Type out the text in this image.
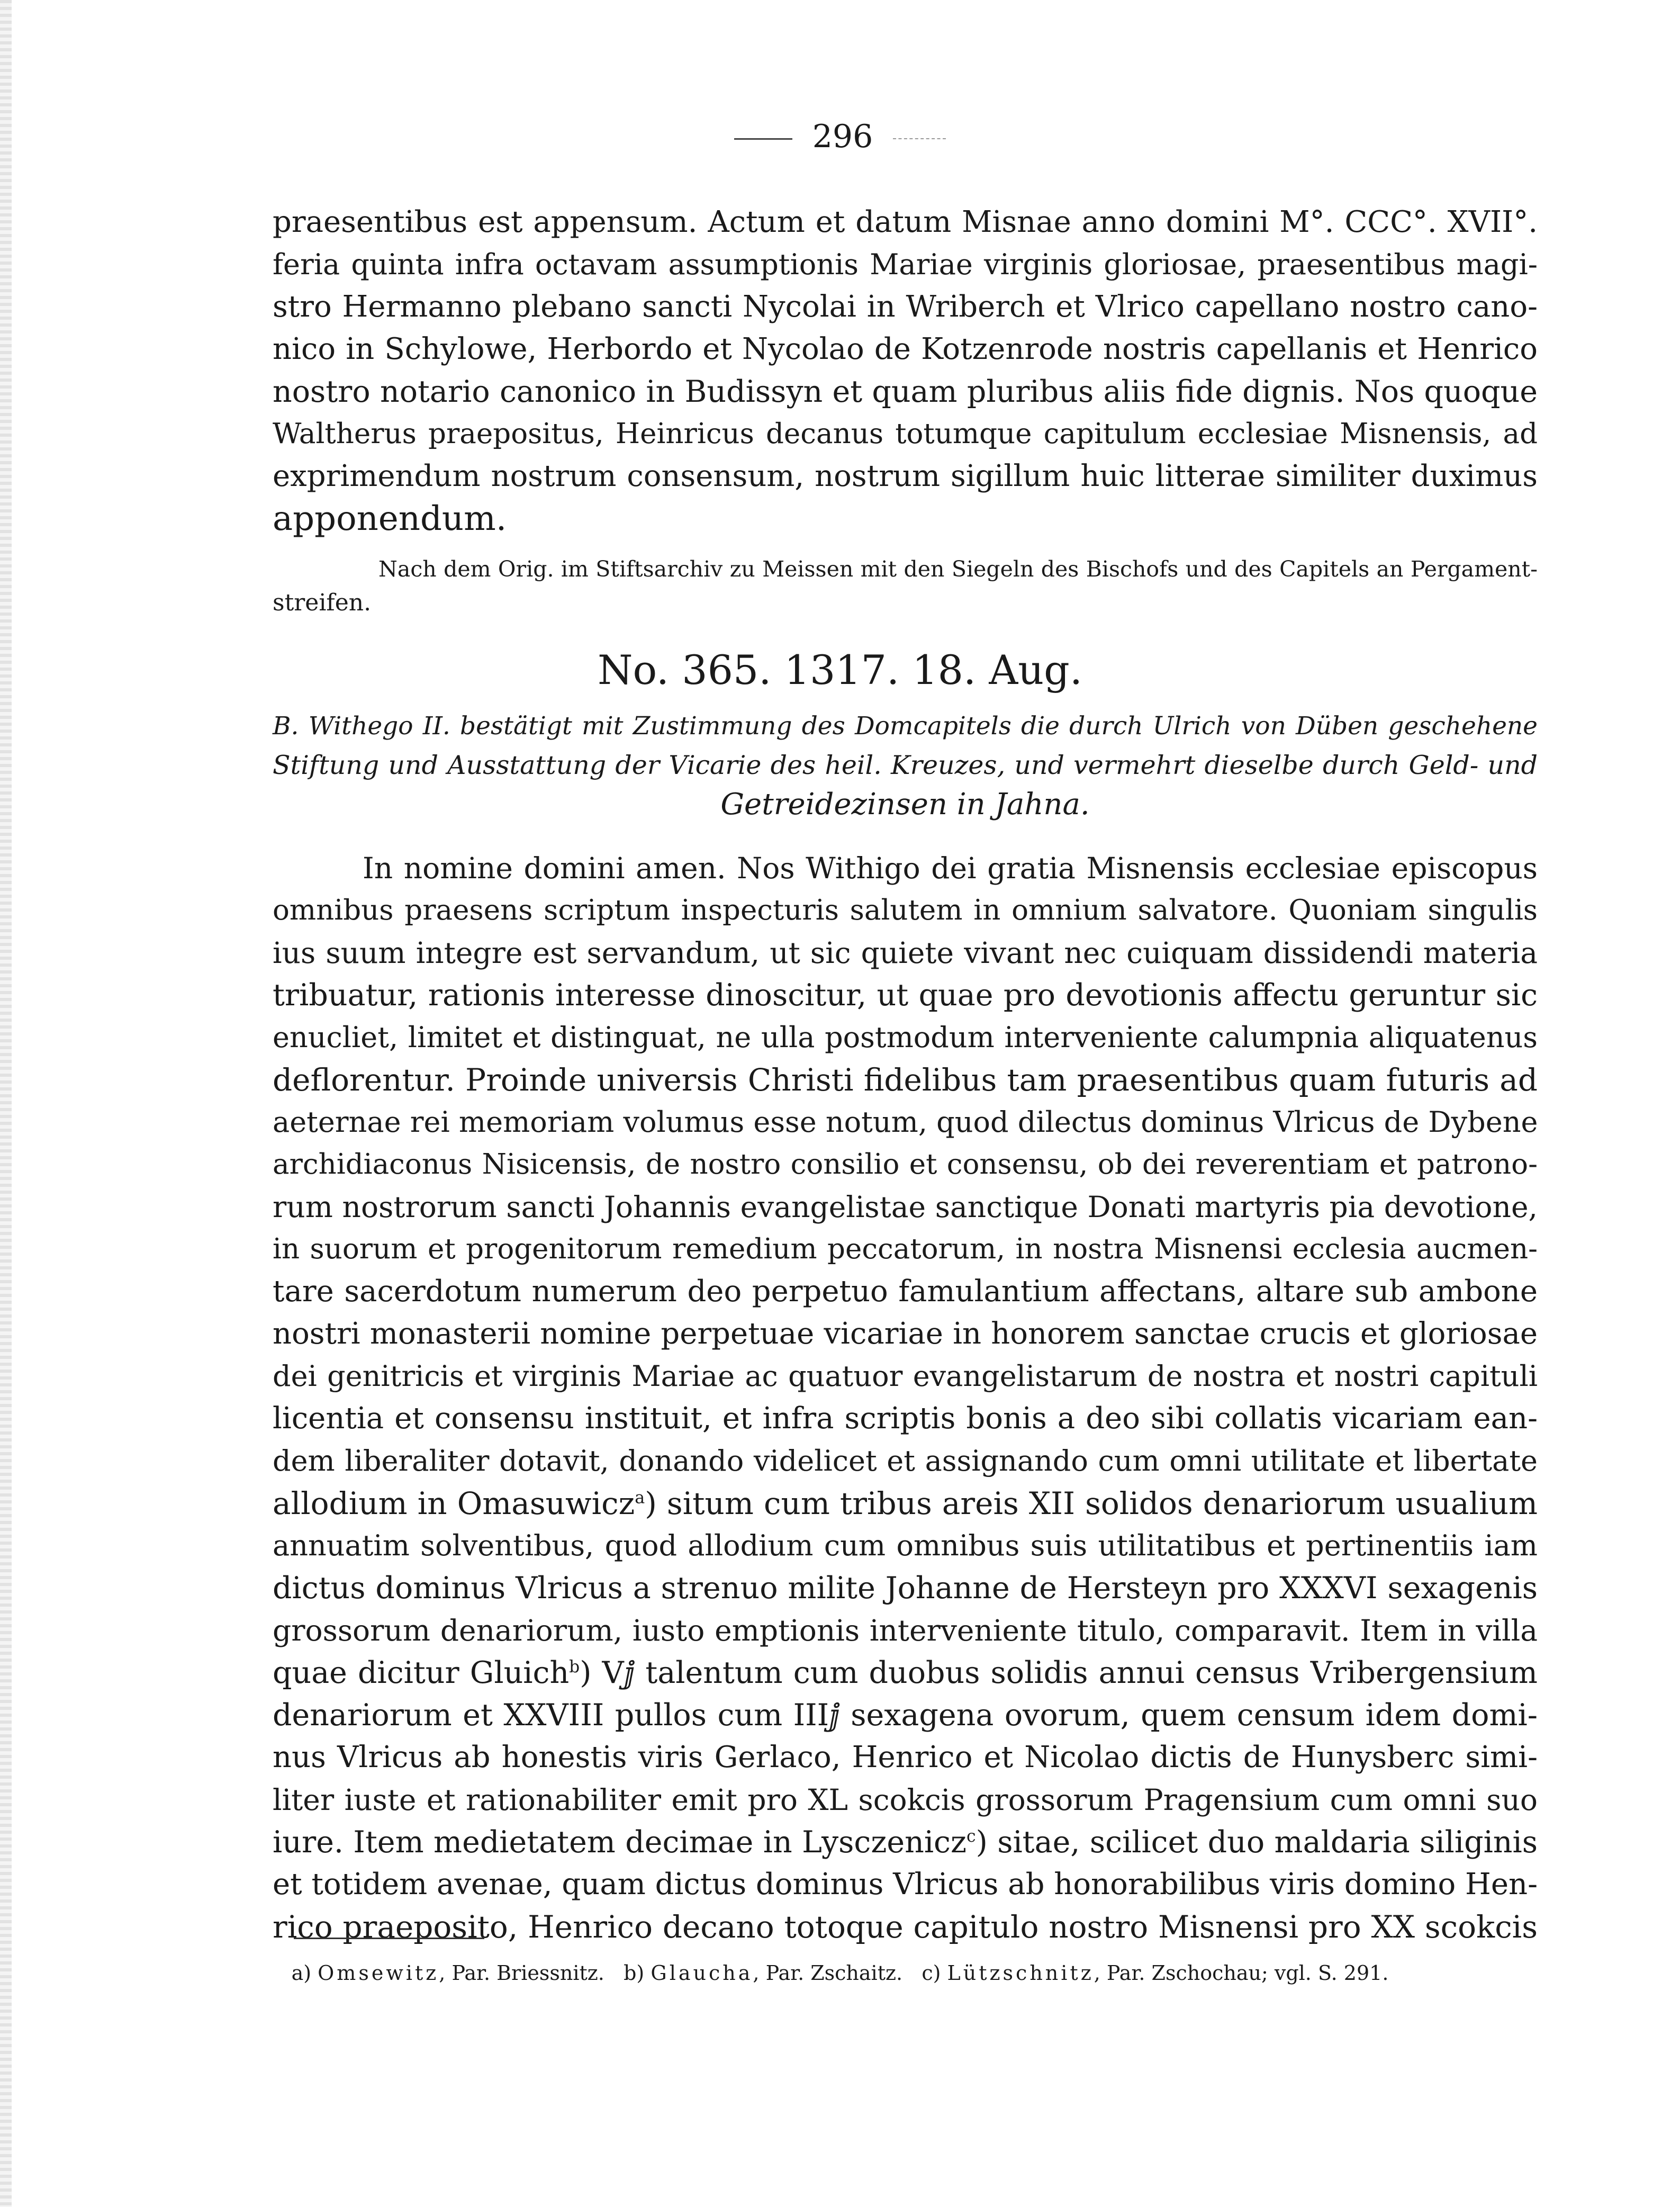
296
praesentibus est appensum. Actum et datum Misnae anno domini M°. CCC°. XVII°.
feria quinta infra octavam assumptionis Mariae virginis gloriosae, praesentibus magi-
stro Hermanno plebano sancti Nycolai in Wriberch et Vlrico capellano nostro cano-
nico in Schylowe, Herbordo et Nycolao de Kotzenrode nostris capellanis et Henrico
nostro notario canonico in Budissyn et quam pluribus aliis fide dignis. Nos quoque
Waltherus praepositus, Heinricus decanus totumque capitulum ecclesiae Misnensis, ad
exprimendum nostrum consensum, nostrum sigillum huic litterae similiter duximus
apponendum.
Nach dem Orig. im Stiftsarchiv zu Meissen mit den Siegeln des Bischofs und des Capitels an Pergament-
streifen.
No. 365. 1317. 18. Aug.
B. Withego II. bestätigt mit Zustimmung des Domcapitels die durch Ulrich von Düben geschehene
Stiftung und Ausstattung der Vicarie des heil. Kreuzes, und vermehrt dieselbe durch Geld- und
Getreidezinsen in Jahna.
In nomine domini amen. Nos Withigo dei gratia Misnensis ecclesiae episcopus
omnibus praesens scriptum inspecturis salutem in omnium salvatore. Quoniam singulis
ius suum integre est servandum, ut sic quiete vivant nec cuiquam dissidendi materia
tribuatur, rationis interesse dinoscitur, ut quae pro devotionis affectu geruntur sic
enucliet, limitet et distinguat, ne ulla postmodum interveniente calumpnia aliquatenus
deflorentur. Proinde universis Christi fidelibus tam praesentibus quam futuris ad
aeternae rei memoriam volumus esse notum, quod dilectus dominus Vlricus de Dybene
archidiaconus Nisicensis, de nostro consilio et consensu, ob dei reverentiam et patrono-
rum nostrorum sancti Johannis evangelistae sanctique Donati martyris pia devotione,
in suorum et progenitorum remedium peccatorum, in nostra Misnensi ecclesia aucmen-
tare sacerdotum numerum deo perpetuo famulantium affectans, altare sub ambone
nostri monasterii nomine perpetuae vicariae in honorem sanctae crucis et gloriosae
dei genitricis et virginis Mariae ac quatuor evangelistarum de nostra et nostri capituli
licentia et consensu instituit, et infra scriptis bonis a deo sibi collatis vicariam ean-
dem liberaliter dotavit, donando videlicet et assignando cum omni utilitate et libertate
allodium in Omasuwicz$^a$) situm cum tribus areis XII solidos denariorum usualium
annuatim solventibus, quod allodium cum omnibus suis utilitatibus et pertinentiis iam
dictus dominus Vlricus a strenuo milite Johanne de Hersteyn pro XXXVI sexagenis
grossorum denariorum, iusto emptionis interveniente titulo, comparavit. Item in villa
quae dicitur Gluich$^b$) Vⅉ talentum cum duobus solidis annui census Vribergensium
denariorum et XXVIII pullos cum IIIⅉ sexagena ovorum, quem censum idem domi-
nus Vlricus ab honestis viris Gerlaco, Henrico et Nicolao dictis de Hunysberc simi-
liter iuste et rationabiliter emit pro XL scokcis grossorum Pragensium cum omni suo
iure. Item medietatem decimae in Lysczenicz$^c$) sitae, scilicet duo maldaria siliginis
et totidem avenae, quam dictus dominus Vlricus ab honorabilibus viris domino Hen-
rico praeposito, Henrico decano totoque capitulo nostro Misnensi pro XX scokcis
a) Omsewitz, Par. Briessnitz. b) Glaucha, Par. Zschaitz. c) Lützschnitz, Par. Zschochau; vgl. S. 291.
